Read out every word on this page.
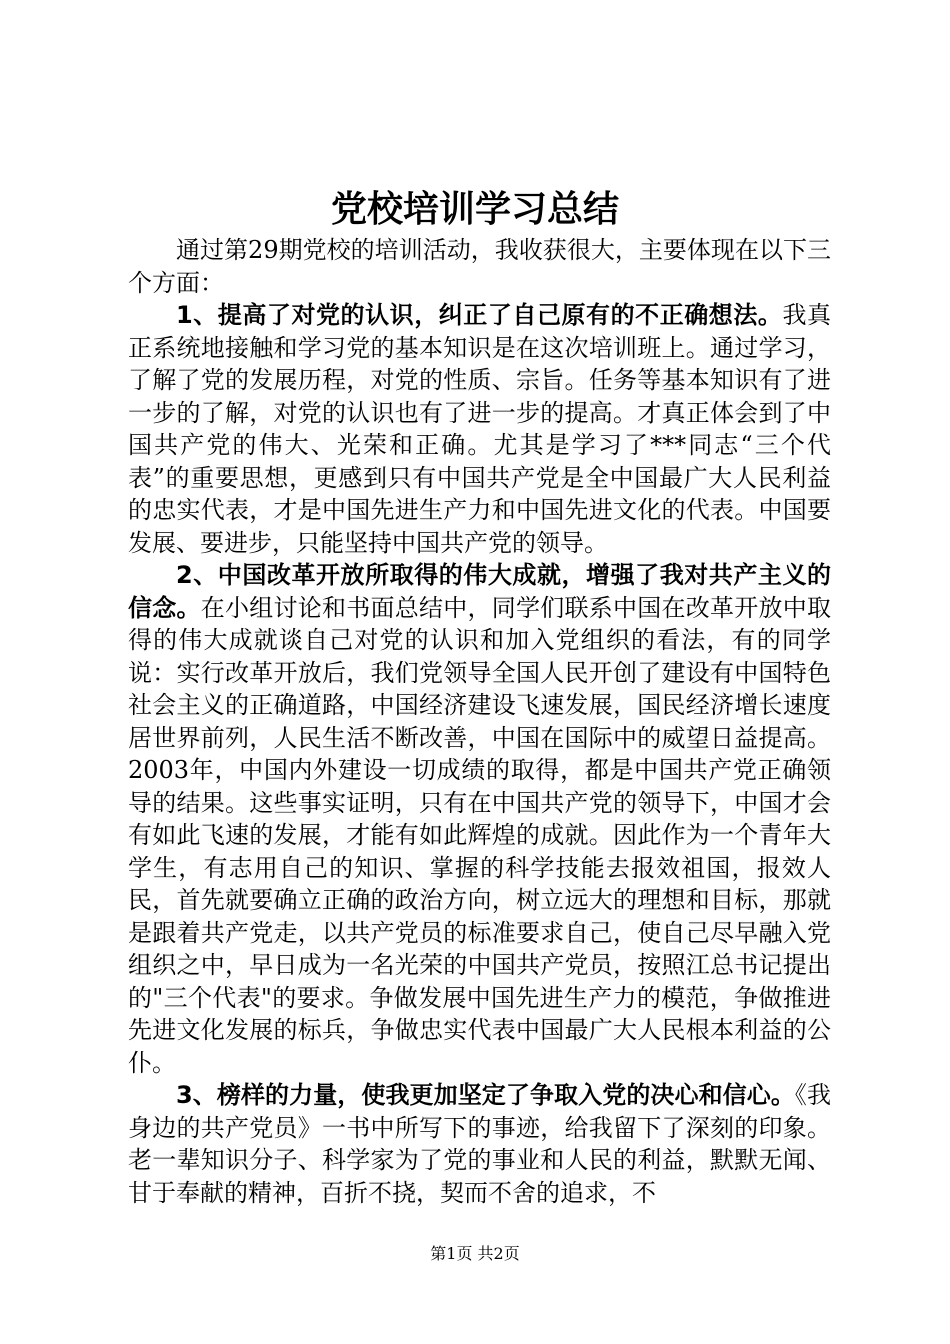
党校培训学习总结

通过第29期党校的培训活动，我收获很大，主要体现在以下三个方面：

1、提高了对党的认识，纠正了自己原有的不正确想法。我真正系统地接触和学习党的基本知识是在这次培训班上。通过学习，了解了党的发展历程，对党的性质、宗旨。任务等基本知识有了进一步的了解，对党的认识也有了进一步的提高。才真正体会到了中国共产党的伟大、光荣和正确。尤其是学习了***同志“三个代表”的重要思想，更感到只有中国共产党是全中国最广大人民利益的忠实代表，才是中国先进生产力和中国先进文化的代表。中国要发展、要进步，只能坚持中国共产党的领导。

2、中国改革开放所取得的伟大成就，增强了我对共产主义的信念。在小组讨论和书面总结中，同学们联系中国在改革开放中取得的伟大成就谈自己对党的认识和加入党组织的看法，有的同学说：实行改革开放后，我们党领导全国人民开创了建设有中国特色社会主义的正确道路，中国经济建设飞速发展，国民经济增长速度居世界前列，人民生活不断改善，中国在国际中的威望日益提高。2003年，中国内外建设一切成绩的取得，都是中国共产党正确领导的结果。这些事实证明，只有在中国共产党的领导下，中国才会有如此飞速的发展，才能有如此辉煌的成就。因此作为一个青年大学生，有志用自己的知识、掌握的科学技能去报效祖国，报效人民，首先就要确立正确的政治方向，树立远大的理想和目标，那就是跟着共产党走，以共产党员的标准要求自己，使自己尽早融入党组织之中，早日成为一名光荣的中国共产党员，按照江总书记提出的"三个代表"的要求。争做发展中国先进生产力的模范，争做推进先进文化发展的标兵，争做忠实代表中国最广大人民根本利益的公仆。

3、榜样的力量，使我更加坚定了争取入党的决心和信心。《我身边的共产党员》一书中所写下的事迹，给我留下了深刻的印象。老一辈知识分子、科学家为了党的事业和人民的利益，默默无闻、甘于奉献的精神，百折不挠，契而不舍的追求，不

第1页 共2页
